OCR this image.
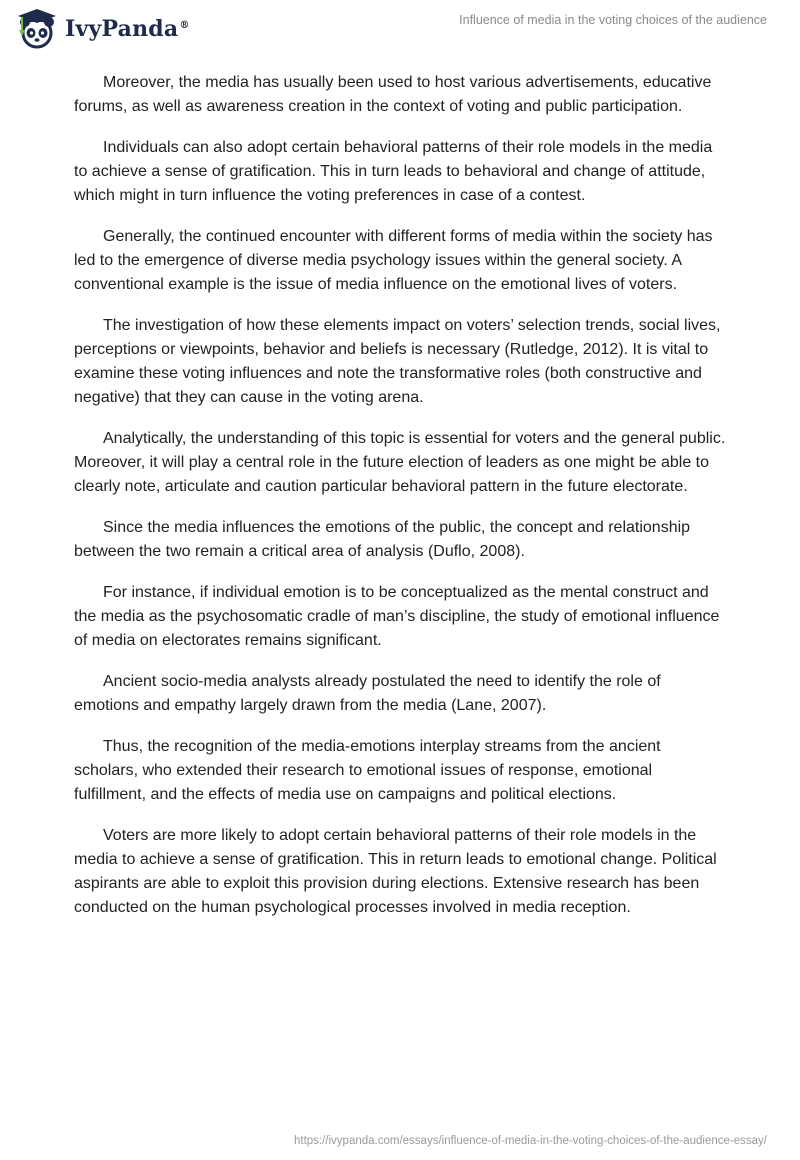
IvyPanda®	Influence of media in the voting choices of the audience

Moreover, the media has usually been used to host various advertisements, educative forums, as well as awareness creation in the context of voting and public participation.

Individuals can also adopt certain behavioral patterns of their role models in the media to achieve a sense of gratification. This in turn leads to behavioral and change of attitude, which might in turn influence the voting preferences in case of a contest.

Generally, the continued encounter with different forms of media within the society has led to the emergence of diverse media psychology issues within the general society. A conventional example is the issue of media influence on the emotional lives of voters.

The investigation of how these elements impact on voters’ selection trends, social lives, perceptions or viewpoints, behavior and beliefs is necessary (Rutledge, 2012). It is vital to examine these voting influences and note the transformative roles (both constructive and negative) that they can cause in the voting arena.

Analytically, the understanding of this topic is essential for voters and the general public. Moreover, it will play a central role in the future election of leaders as one might be able to clearly note, articulate and caution particular behavioral pattern in the future electorate.

Since the media influences the emotions of the public, the concept and relationship between the two remain a critical area of analysis (Duflo, 2008).

For instance, if individual emotion is to be conceptualized as the mental construct and the media as the psychosomatic cradle of man’s discipline, the study of emotional influence of media on electorates remains significant.

Ancient socio-media analysts already postulated the need to identify the role of emotions and empathy largely drawn from the media (Lane, 2007).

Thus, the recognition of the media-emotions interplay streams from the ancient scholars, who extended their research to emotional issues of response, emotional fulfillment, and the effects of media use on campaigns and political elections.

Voters are more likely to adopt certain behavioral patterns of their role models in the media to achieve a sense of gratification. This in return leads to emotional change. Political aspirants are able to exploit this provision during elections. Extensive research has been conducted on the human psychological processes involved in media reception.

https://ivypanda.com/essays/influence-of-media-in-the-voting-choices-of-the-audience-essay/
